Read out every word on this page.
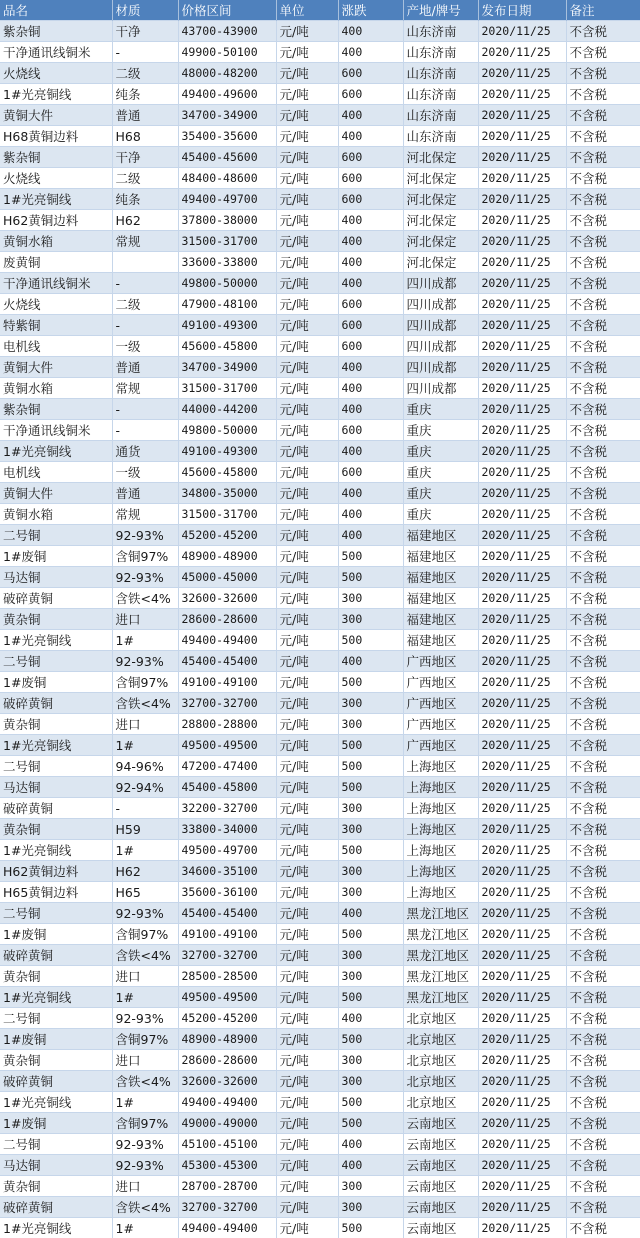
品名	材质	价格区间	单位	涨跌	产地/牌号	发布日期	备注
紫杂铜	干净	43700-43900	元/吨	400	山东济南	2020/11/25	不含税
干净通讯线铜米	-	49900-50100	元/吨	400	山东济南	2020/11/25	不含税
火烧线	二级	48000-48200	元/吨	600	山东济南	2020/11/25	不含税
1#光亮铜线	纯条	49400-49600	元/吨	600	山东济南	2020/11/25	不含税
黄铜大件	普通	34700-34900	元/吨	400	山东济南	2020/11/25	不含税
H68黄铜边料	H68	35400-35600	元/吨	400	山东济南	2020/11/25	不含税
紫杂铜	干净	45400-45600	元/吨	600	河北保定	2020/11/25	不含税
火烧线	二级	48400-48600	元/吨	600	河北保定	2020/11/25	不含税
1#光亮铜线	纯条	49400-49700	元/吨	600	河北保定	2020/11/25	不含税
H62黄铜边料	H62	37800-38000	元/吨	400	河北保定	2020/11/25	不含税
黄铜水箱	常规	31500-31700	元/吨	400	河北保定	2020/11/25	不含税
废黄铜		33600-33800	元/吨	400	河北保定	2020/11/25	不含税
干净通讯线铜米	-	49800-50000	元/吨	400	四川成都	2020/11/25	不含税
火烧线	二级	47900-48100	元/吨	600	四川成都	2020/11/25	不含税
特紫铜	-	49100-49300	元/吨	600	四川成都	2020/11/25	不含税
电机线	一级	45600-45800	元/吨	600	四川成都	2020/11/25	不含税
黄铜大件	普通	34700-34900	元/吨	400	四川成都	2020/11/25	不含税
黄铜水箱	常规	31500-31700	元/吨	400	四川成都	2020/11/25	不含税
紫杂铜	-	44000-44200	元/吨	400	重庆	2020/11/25	不含税
干净通讯线铜米	-	49800-50000	元/吨	600	重庆	2020/11/25	不含税
1#光亮铜线	通货	49100-49300	元/吨	400	重庆	2020/11/25	不含税
电机线	一级	45600-45800	元/吨	600	重庆	2020/11/25	不含税
黄铜大件	普通	34800-35000	元/吨	400	重庆	2020/11/25	不含税
黄铜水箱	常规	31500-31700	元/吨	400	重庆	2020/11/25	不含税
二号铜	92-93%	45200-45200	元/吨	400	福建地区	2020/11/25	不含税
1#废铜	含铜97%	48900-48900	元/吨	500	福建地区	2020/11/25	不含税
马达铜	92-93%	45000-45000	元/吨	500	福建地区	2020/11/25	不含税
破碎黄铜	含铁<4%	32600-32600	元/吨	300	福建地区	2020/11/25	不含税
黄杂铜	进口	28600-28600	元/吨	300	福建地区	2020/11/25	不含税
1#光亮铜线	1#	49400-49400	元/吨	500	福建地区	2020/11/25	不含税
二号铜	92-93%	45400-45400	元/吨	400	广西地区	2020/11/25	不含税
1#废铜	含铜97%	49100-49100	元/吨	500	广西地区	2020/11/25	不含税
破碎黄铜	含铁<4%	32700-32700	元/吨	300	广西地区	2020/11/25	不含税
黄杂铜	进口	28800-28800	元/吨	300	广西地区	2020/11/25	不含税
1#光亮铜线	1#	49500-49500	元/吨	500	广西地区	2020/11/25	不含税
二号铜	94-96%	47200-47400	元/吨	500	上海地区	2020/11/25	不含税
马达铜	92-94%	45400-45800	元/吨	500	上海地区	2020/11/25	不含税
破碎黄铜	-	32200-32700	元/吨	300	上海地区	2020/11/25	不含税
黄杂铜	H59	33800-34000	元/吨	300	上海地区	2020/11/25	不含税
1#光亮铜线	1#	49500-49700	元/吨	500	上海地区	2020/11/25	不含税
H62黄铜边料	H62	34600-35100	元/吨	300	上海地区	2020/11/25	不含税
H65黄铜边料	H65	35600-36100	元/吨	300	上海地区	2020/11/25	不含税
二号铜	92-93%	45400-45400	元/吨	400	黑龙江地区	2020/11/25	不含税
1#废铜	含铜97%	49100-49100	元/吨	500	黑龙江地区	2020/11/25	不含税
破碎黄铜	含铁<4%	32700-32700	元/吨	300	黑龙江地区	2020/11/25	不含税
黄杂铜	进口	28500-28500	元/吨	300	黑龙江地区	2020/11/25	不含税
1#光亮铜线	1#	49500-49500	元/吨	500	黑龙江地区	2020/11/25	不含税
二号铜	92-93%	45200-45200	元/吨	400	北京地区	2020/11/25	不含税
1#废铜	含铜97%	48900-48900	元/吨	500	北京地区	2020/11/25	不含税
黄杂铜	进口	28600-28600	元/吨	300	北京地区	2020/11/25	不含税
破碎黄铜	含铁<4%	32600-32600	元/吨	300	北京地区	2020/11/25	不含税
1#光亮铜线	1#	49400-49400	元/吨	500	北京地区	2020/11/25	不含税
1#废铜	含铜97%	49000-49000	元/吨	500	云南地区	2020/11/25	不含税
二号铜	92-93%	45100-45100	元/吨	400	云南地区	2020/11/25	不含税
马达铜	92-93%	45300-45300	元/吨	400	云南地区	2020/11/25	不含税
黄杂铜	进口	28700-28700	元/吨	300	云南地区	2020/11/25	不含税
破碎黄铜	含铁<4%	32700-32700	元/吨	300	云南地区	2020/11/25	不含税
1#光亮铜线	1#	49400-49400	元/吨	500	云南地区	2020/11/25	不含税
